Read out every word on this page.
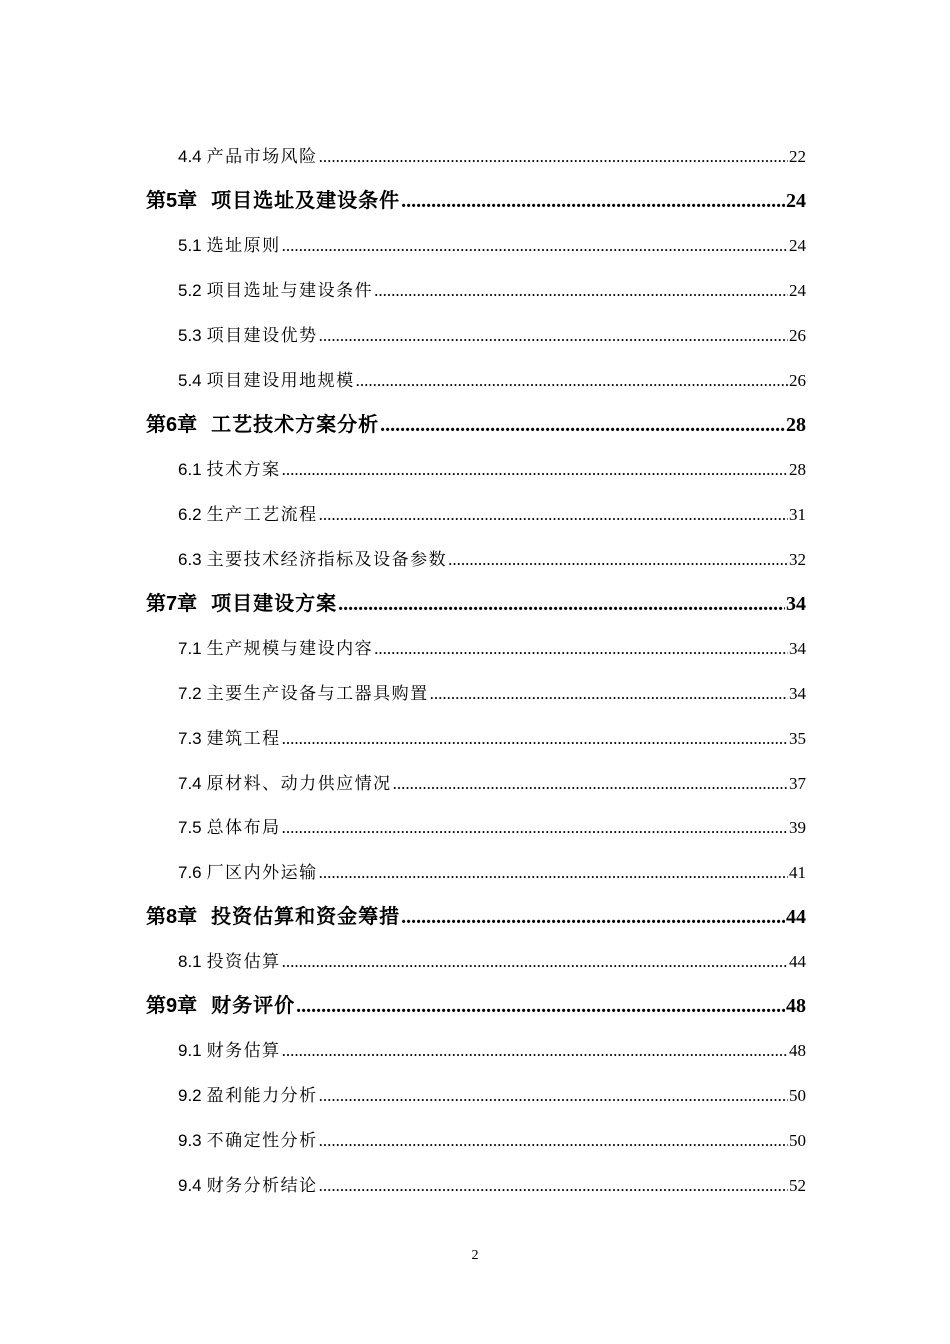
4.4 产品市场风险 .....	22
第5章 项目选址及建设条件 .....	24
5.1 选址原则 .....	24
5.2 项目选址与建设条件 .....	24
5.3 项目建设优势 .....	26
5.4 项目建设用地规模 .....	26
第6章 工艺技术方案分析 .....	28
6.1 技术方案 .....	28
6.2 生产工艺流程 .....	31
6.3 主要技术经济指标及设备参数 .....	32
第7章 项目建设方案 .....	34
7.1 生产规模与建设内容 .....	34
7.2 主要生产设备与工器具购置 .....	34
7.3 建筑工程 .....	35
7.4 原材料、动力供应情况 .....	37
7.5 总体布局 .....	39
7.6 厂区内外运输 .....	41
第8章 投资估算和资金筹措 .....	44
8.1 投资估算 .....	44
第9章 财务评价 .....	48
9.1 财务估算 .....	48
9.2 盈利能力分析 .....	50
9.3 不确定性分析 .....	50
9.4 财务分析结论 .....	52
2
